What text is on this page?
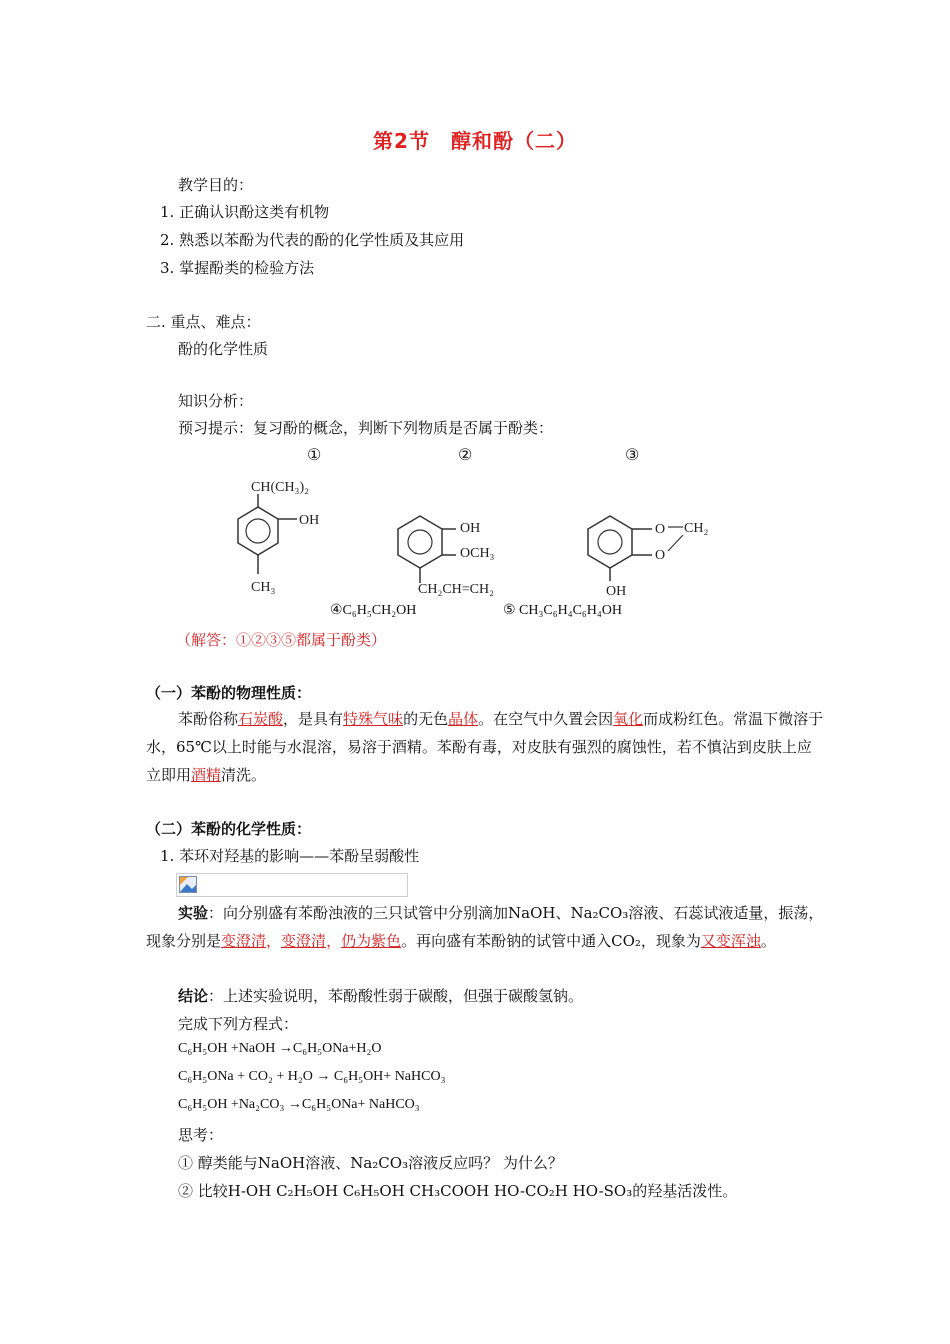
第2节　醇和酚（二）
教学目的：
1. 正确认识酚这类有机物
2. 熟悉以苯酚为代表的酚的化学性质及其应用
3. 掌握酚类的检验方法
二. 重点、难点：
酚的化学性质
知识分析：
预习提示：复习酚的概念，判断下列物质是否属于酚类：
①	②	③
CH(CH₃)₂
OH
CH₃
OH
OCH₃
CH₂CH=CH₂
O
O
CH₂
OH
④C₆H₅CH₂OH	⑤ CH₃C₆H₄C₆H₄OH
（解答：①②③⑤都属于酚类）
（一）苯酚的物理性质：
苯酚俗称石炭酸，是具有特殊气味的无色晶体。在空气中久置会因氧化而成粉红色。常温下微溶于水，65℃以上时能与水混溶，易溶于酒精。苯酚有毒，对皮肤有强烈的腐蚀性，若不慎沾到皮肤上应立即用酒精清洗。
（二）苯酚的化学性质：
1. 苯环对羟基的影响——苯酚呈弱酸性
实验：向分别盛有苯酚浊液的三只试管中分别滴加NaOH、Na₂CO₃溶液、石蕊试液适量，振荡，现象分别是变澄清，变澄清，仍为紫色。再向盛有苯酚钠的试管中通入CO₂，现象为又变浑浊。
结论：上述实验说明，苯酚酸性弱于碳酸，但强于碳酸氢钠。
完成下列方程式：
C₆H₅OH +NaOH →C₆H₅ONa+H₂O
C₆H₅ONa + CO₂ + H₂O → C₆H₅OH+ NaHCO₃
C₆H₅OH +Na₂CO₃ →C₆H₅ONa+ NaHCO₃
思考：
① 醇类能与NaOH溶液、Na₂CO₃溶液反应吗？ 为什么？
② 比较H-OH C₂H₅OH C₆H₅OH CH₃COOH HO-CO₂H HO-SO₃的羟基活泼性。
